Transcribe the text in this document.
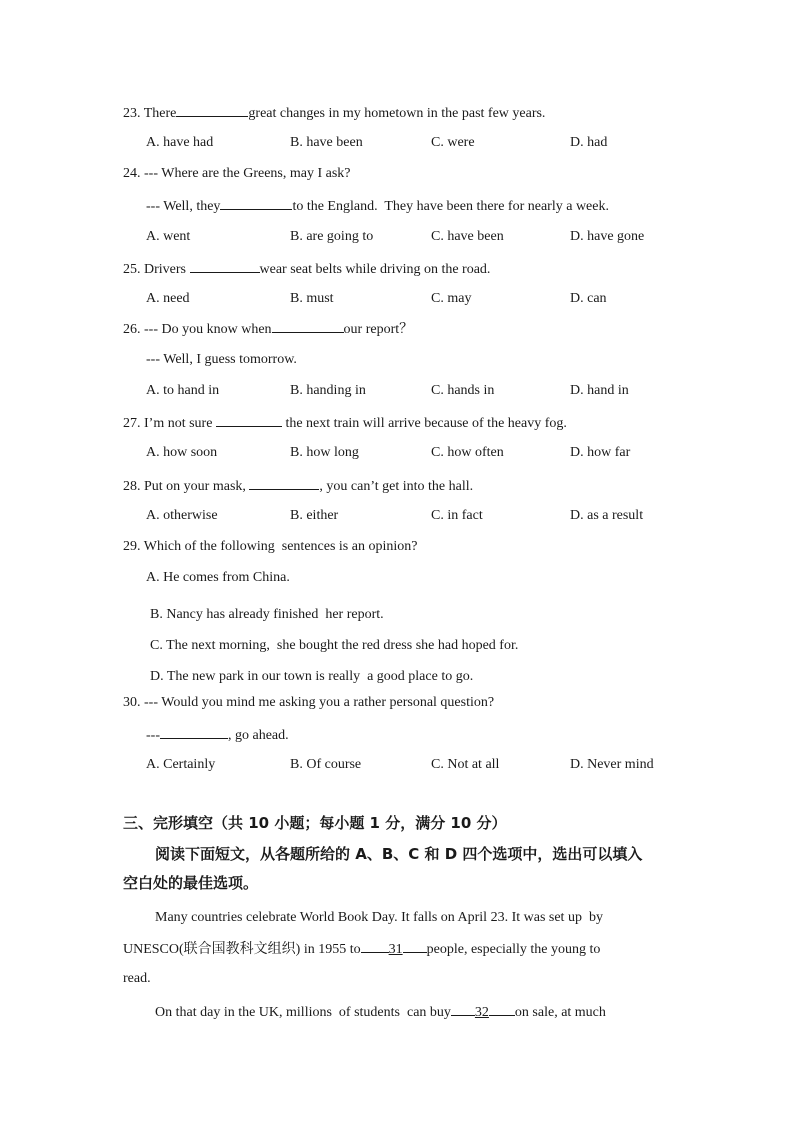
23. There	great changes in my hometown in the past few years.
A. have had	B. have been	C. were	D. had
24. --- Where are the Greens, may I ask?
--- Well, they	to the England.  They have been there for nearly a week.
A. went	B. are going to	C. have been	D. have gone
25. Drivers	wear seat belts while driving on the road.
A. need	B. must	C. may	D. can
26. --- Do you know when	our report？
--- Well, I guess tomorrow.
A. to hand in	B. handing in	C. hands in	D. hand in
27. I’m not sure	the next train will arrive because of the heavy fog.
A. how soon	B. how long	C. how often	D. how far
28. Put on your mask,	, you can’t get into the hall.
A. otherwise	B. either	C. in fact	D. as a result
29. Which of the following  sentences is an opinion?
A. He comes from China.
B. Nancy has already finished  her report.
C. The next morning,  she bought the red dress she had hoped for.
D. The new park in our town is really  a good place to go.
30. --- Would you mind me asking you a rather personal question?
---	, go ahead.
A. Certainly	B. Of course	C. Not at all	D. Never mind
三、完形填空（共 10 小题；每小题 1 分，满分 10 分）
阅读下面短文，从各题所给的 A、B、C 和 D 四个选项中，选出可以填入
空白处的最佳选项。
Many countries celebrate World Book Day. It falls on April 23. It was set up  by
UNESCO(联合国教科文组织) in 1955 to 31 people, especially the young to
read.
On that day in the UK, millions  of students  can buy 32 on sale, at much
